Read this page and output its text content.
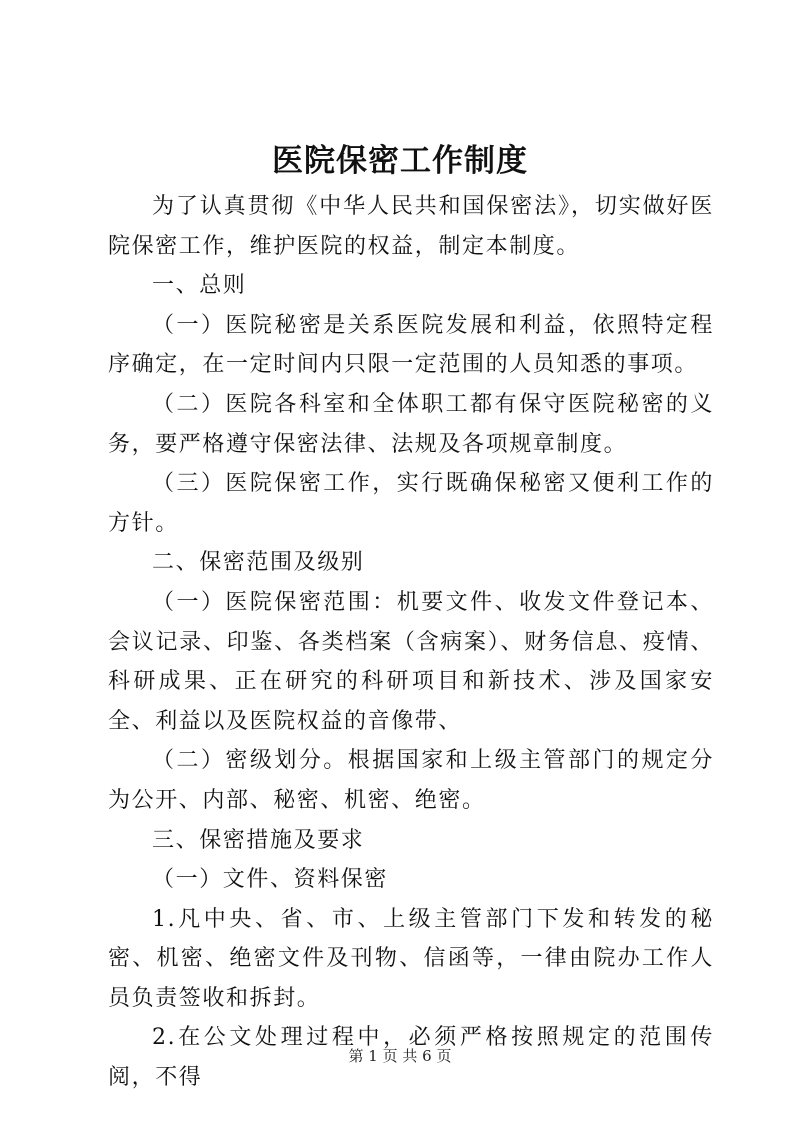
医院保密工作制度

为了认真贯彻《中华人民共和国保密法》，切实做好医院保密工作，维护医院的权益，制定本制度。

一、总则

（一）医院秘密是关系医院发展和利益，依照特定程序确定，在一定时间内只限一定范围的人员知悉的事项。

（二）医院各科室和全体职工都有保守医院秘密的义务，要严格遵守保密法律、法规及各项规章制度。

（三）医院保密工作，实行既确保秘密又便利工作的方针。

二、保密范围及级别

（一）医院保密范围：机要文件、收发文件登记本、会议记录、印鉴、各类档案（含病案）、财务信息、疫情、科研成果、正在研究的科研项目和新技术、涉及国家安全、利益以及医院权益的音像带、

（二）密级划分。根据国家和上级主管部门的规定分为公开、内部、秘密、机密、绝密。

三、保密措施及要求

（一）文件、资料保密

1.凡中央、省、市、上级主管部门下发和转发的秘密、机密、绝密文件及刊物、信函等，一律由院办工作人员负责签收和拆封。

2.在公文处理过程中，必须严格按照规定的范围传阅，不得

第 1 页 共 6 页
